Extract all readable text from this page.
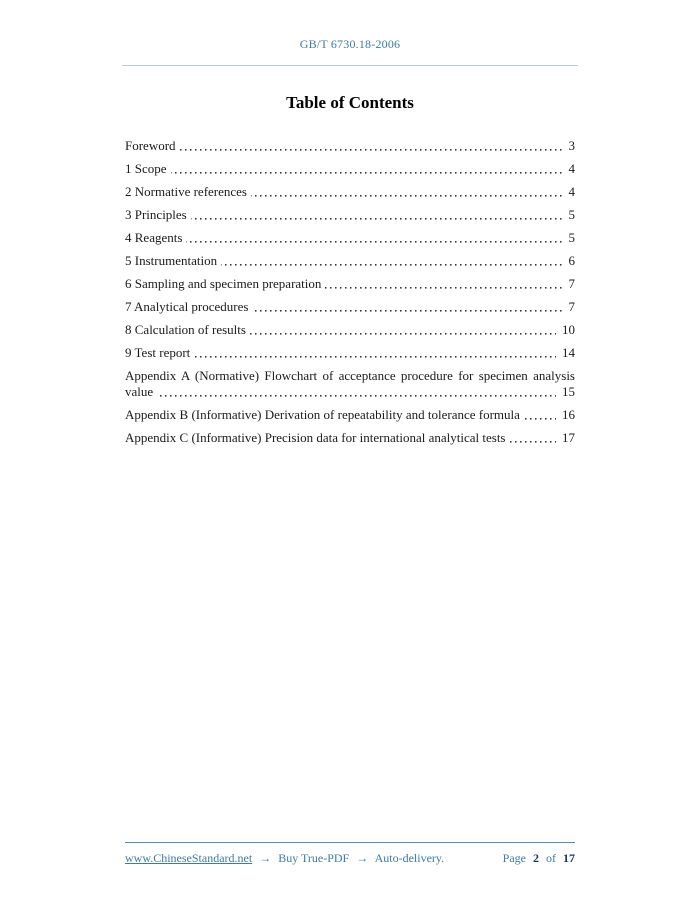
GB/T 6730.18-2006
Table of Contents
Foreword	3
1 Scope	4
2 Normative references	4
3 Principles	5
4 Reagents	5
5 Instrumentation	6
6 Sampling and specimen preparation	7
7 Analytical procedures	7
8 Calculation of results	10
9 Test report	14
Appendix A (Normative) Flowchart of acceptance procedure for specimen analysis value	15
Appendix B (Informative) Derivation of repeatability and tolerance formula	16
Appendix C (Informative) Precision data for international analytical tests	17
www.ChineseStandard.net → Buy True-PDF → Auto-delivery.	Page 2 of 17
